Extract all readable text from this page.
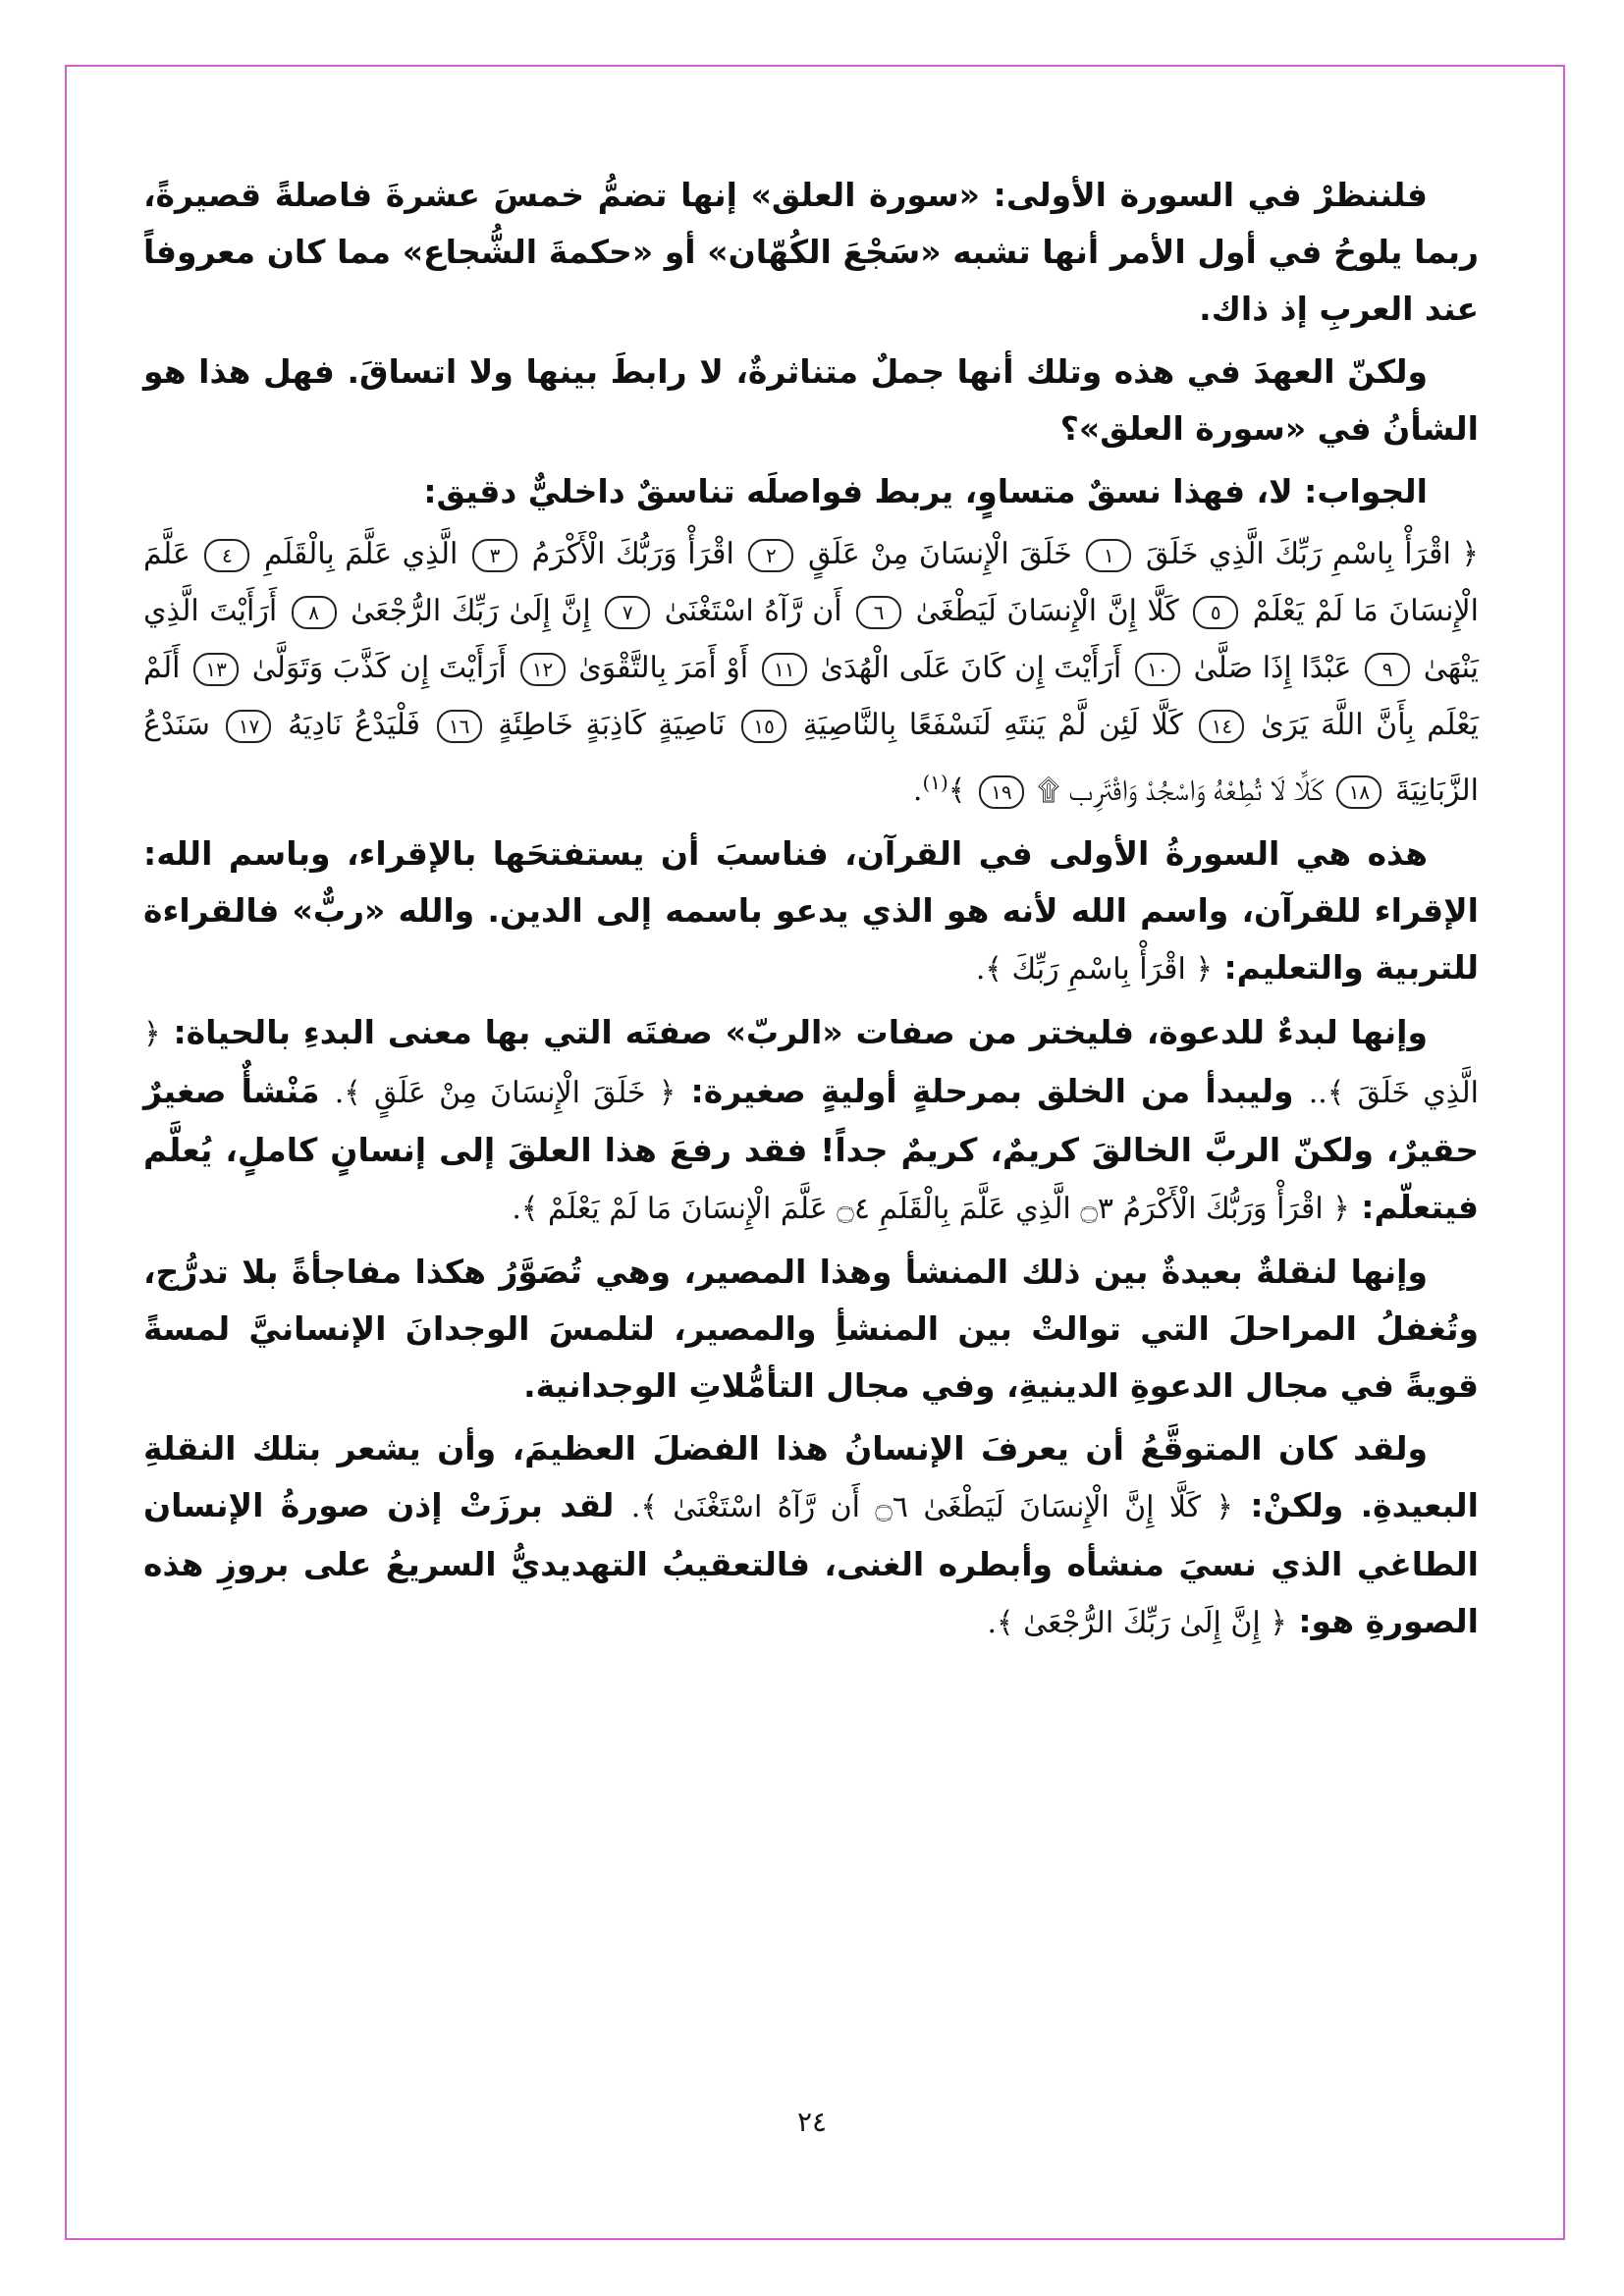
فلننظرْ في السورة الأولى: «سورة العلق» إنها تضمُّ خمسَ عشرةَ فاصلةً قصيرةً، ربما يلوحُ في أول الأمر أنها تشبه «سَجْعَ الكُهّان» أو «حكمةَ الشُّجاع» مما كان معروفاً عند العربِ إذ ذاك.

ولكنّ العهدَ في هذه وتلك أنها جملٌ متناثرةٌ، لا رابطَ بينها ولا اتساقَ. فهل هذا هو الشأنُ في «سورة العلق»؟

الجواب: لا، فهذا نسقٌ متساوٍ، يربط فواصلَه تناسقٌ داخليٌّ دقيق:

﴿ اقْرَأْ بِاسْمِ رَبِّكَ الَّذِي خَلَقَ ١ خَلَقَ الْإِنسَانَ مِنْ عَلَقٍ ٢ اقْرَأْ وَرَبُّكَ الْأَكْرَمُ ٣ الَّذِي عَلَّمَ بِالْقَلَمِ ٤ عَلَّمَ الْإِنسَانَ مَا لَمْ يَعْلَمْ ٥ كَلَّا إِنَّ الْإِنسَانَ لَيَطْغَىٰ ٦ أَن رَّآهُ اسْتَغْنَىٰ ٧ إِنَّ إِلَىٰ رَبِّكَ الرُّجْعَىٰ ٨ أَرَأَيْتَ الَّذِي يَنْهَىٰ ٩ عَبْدًا إِذَا صَلَّىٰ ١٠ أَرَأَيْتَ إِن كَانَ عَلَى الْهُدَىٰ ١١ أَوْ أَمَرَ بِالتَّقْوَىٰ ١٢ أَرَأَيْتَ إِن كَذَّبَ وَتَوَلَّىٰ ١٣ أَلَمْ يَعْلَم بِأَنَّ اللَّهَ يَرَىٰ ١٤ كَلَّا لَئِن لَّمْ يَنتَهِ لَنَسْفَعًا بِالنَّاصِيَةِ ١٥ نَاصِيَةٍ كَاذِبَةٍ خَاطِئَةٍ ١٦ فَلْيَدْعُ نَادِيَهُ ١٧ سَنَدْعُ الزَّبَانِيَةَ ١٨ كَلَّا لَا تُطِعْهُ وَاسْجُدْ وَاقْتَرِب ۩ ١٩ ﴾$^{(١)}$.

هذه هي السورةُ الأولى في القرآن، فناسبَ أن يستفتحَها بالإقراء، وباسم الله: الإقراء للقرآن، واسم الله لأنه هو الذي يدعو باسمه إلى الدين. والله «ربٌّ» فالقراءة للتربية والتعليم: ﴿ اقْرَأْ بِاسْمِ رَبِّكَ ﴾.

وإنها لبدءٌ للدعوة، فليختر من صفات «الربّ» صفتَه التي بها معنى البدءِ بالحياة: ﴿ الَّذِي خَلَقَ ﴾.. وليبدأ من الخلق بمرحلةٍ أوليةٍ صغيرة: ﴿ خَلَقَ الْإِنسَانَ مِنْ عَلَقٍ ﴾. مَنْشأٌ صغيرٌ حقيرٌ، ولكنّ الربَّ الخالقَ كريمٌ، كريمٌ جداً! فقد رفعَ هذا العلقَ إلى إنسانٍ كاملٍ، يُعلَّم فيتعلّم: ﴿ اقْرَأْ وَرَبُّكَ الْأَكْرَمُ ۝٣ الَّذِي عَلَّمَ بِالْقَلَمِ ۝٤ عَلَّمَ الْإِنسَانَ مَا لَمْ يَعْلَمْ ﴾.

وإنها لنقلةٌ بعيدةٌ بين ذلك المنشأ وهذا المصير، وهي تُصَوَّرُ هكذا مفاجأةً بلا تدرُّج، وتُغفلُ المراحلَ التي توالتْ بين المنشأِ والمصير، لتلمسَ الوجدانَ الإنسانيَّ لمسةً قويةً في مجال الدعوةِ الدينيةِ، وفي مجال التأمُّلاتِ الوجدانية.

ولقد كان المتوقَّعُ أن يعرفَ الإنسانُ هذا الفضلَ العظيمَ، وأن يشعر بتلك النقلةِ البعيدةِ. ولكنْ: ﴿ كَلَّا إِنَّ الْإِنسَانَ لَيَطْغَىٰ ۝٦ أَن رَّآهُ اسْتَغْنَىٰ ﴾. لقد برزَتْ إذن صورةُ الإنسان الطاغي الذي نسيَ منشأه وأبطره الغنى، فالتعقيبُ التهديديُّ السريعُ على بروزِ هذه الصورةِ هو: ﴿ إِنَّ إِلَىٰ رَبِّكَ الرُّجْعَىٰ ﴾.

٢٤
